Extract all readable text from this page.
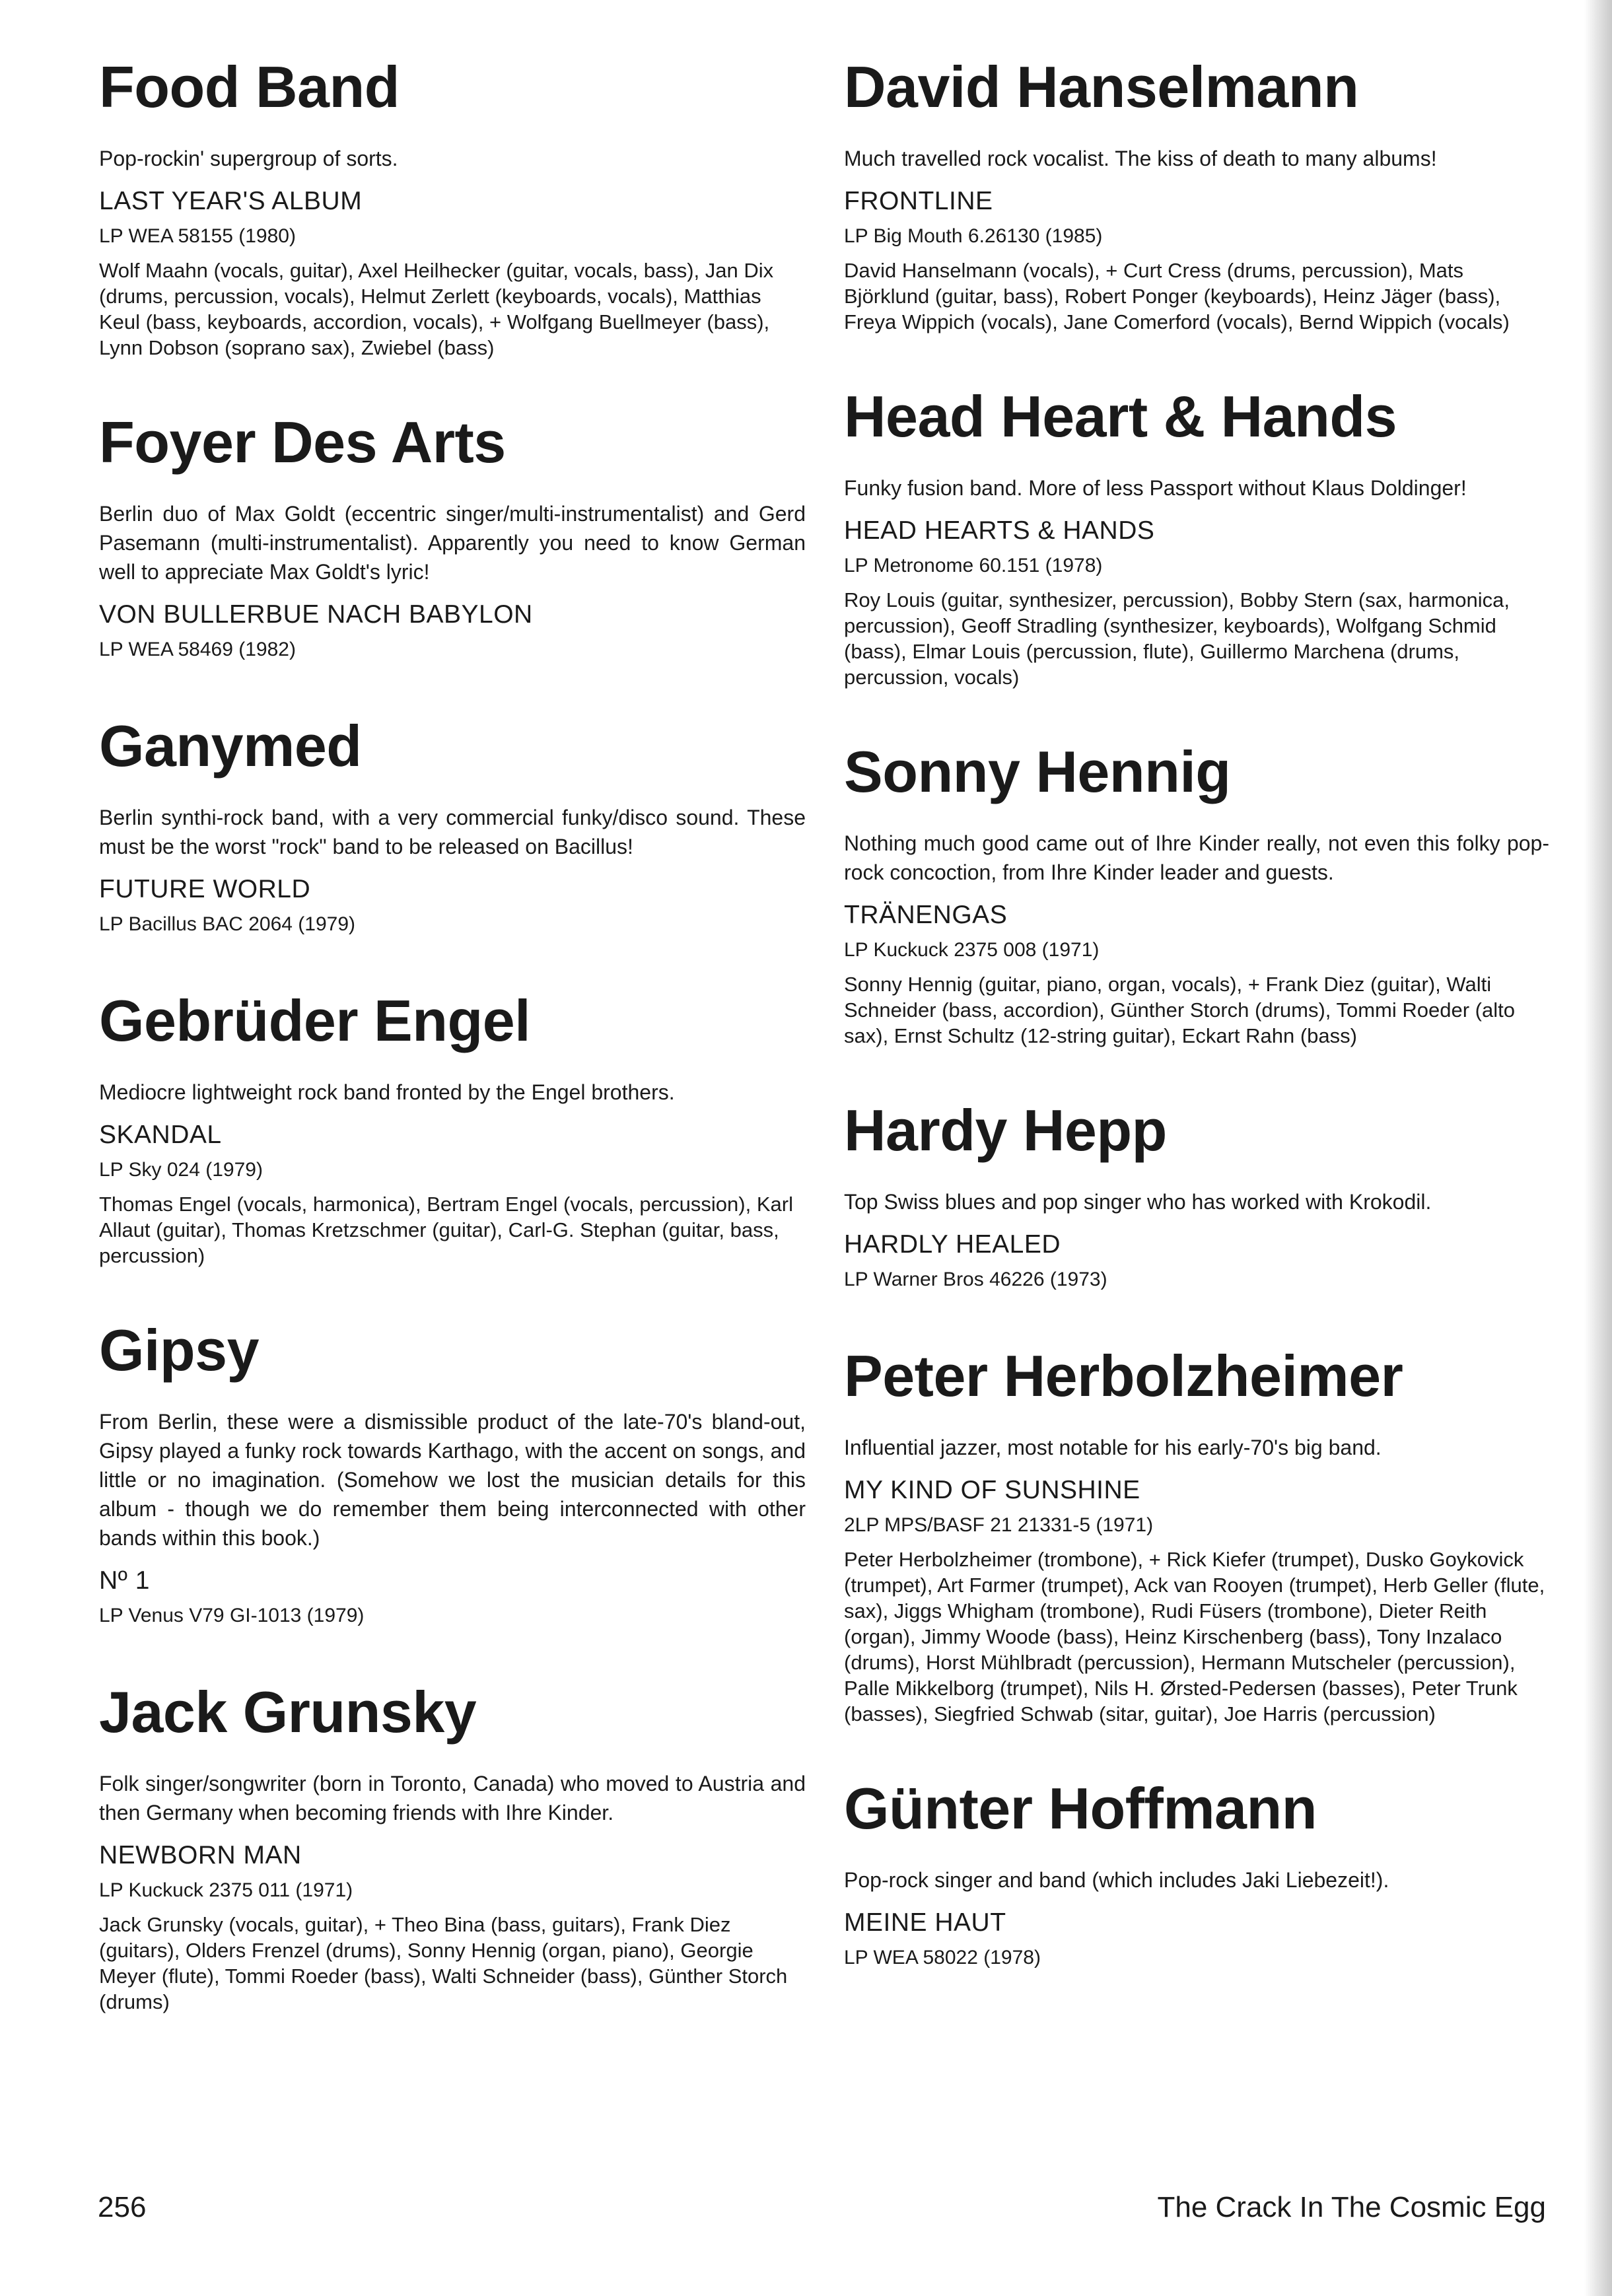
Food Band

Pop-rockin' supergroup of sorts.

LAST YEAR'S ALBUM
LP WEA 58155 (1980)

Wolf Maahn (vocals, guitar), Axel Heilhecker (guitar, vocals, bass), Jan Dix (drums, percussion, vocals), Helmut Zerlett (keyboards, vocals), Matthias Keul (bass, keyboards, accordion, vocals), + Wolfgang Buellmeyer (bass), Lynn Dobson (soprano sax), Zwiebel (bass)

Foyer Des Arts

Berlin duo of Max Goldt (eccentric singer/multi-instrumentalist) and Gerd Pasemann (multi-instrumentalist). Apparently you need to know German well to appreciate Max Goldt's lyric!

VON BULLERBUE NACH BABYLON
LP WEA 58469 (1982)
Ganymed

Berlin synthi-rock band, with a very commercial funky/disco sound. These must be the worst "rock" band to be released on Bacillus!

FUTURE WORLD
LP Bacillus BAC 2064 (1979)
Gebrüder Engel

Mediocre lightweight rock band fronted by the Engel brothers.

SKANDAL
LP Sky 024 (1979)

Thomas Engel (vocals, harmonica), Bertram Engel (vocals, percussion), Karl Allaut (guitar), Thomas Kretzschmer (guitar), Carl-G. Stephan (guitar, bass, percussion)

Gipsy

From Berlin, these were a dismissible product of the late-70's bland-out, Gipsy played a funky rock towards Karthago, with the accent on songs, and little or no imagination. (Somehow we lost the musician details for this album - though we do remember them being interconnected with other bands within this book.)

Nº 1
LP Venus V79 GI-1013 (1979)
Jack Grunsky

Folk singer/songwriter (born in Toronto, Canada) who moved to Austria and then Germany when becoming friends with Ihre Kinder.

NEWBORN MAN
LP Kuckuck 2375 011 (1971)

Jack Grunsky (vocals, guitar), + Theo Bina (bass, guitars), Frank Diez (guitars), Olders Frenzel (drums), Sonny Hennig (organ, piano), Georgie Meyer (flute), Tommi Roeder (bass), Walti Schneider (bass), Günther Storch (drums)

David Hanselmann

Much travelled rock vocalist. The kiss of death to many albums!

FRONTLINE
LP Big Mouth 6.26130 (1985)

David Hanselmann (vocals), + Curt Cress (drums, percussion), Mats Björklund (guitar, bass), Robert Ponger (keyboards), Heinz Jäger (bass), Freya Wippich (vocals), Jane Comerford (vocals), Bernd Wippich (vocals)

Head Heart & Hands

Funky fusion band. More of less Passport without Klaus Doldinger!

HEAD HEARTS & HANDS
LP Metronome 60.151 (1978)

Roy Louis (guitar, synthesizer, percussion), Bobby Stern (sax, harmonica, percussion), Geoff Stradling (synthesizer, keyboards), Wolfgang Schmid (bass), Elmar Louis (percussion, flute), Guillermo Marchena (drums, percussion, vocals)

Sonny Hennig

Nothing much good came out of Ihre Kinder really, not even this folky pop-rock concoction, from Ihre Kinder leader and guests.

TRÄNENGAS
LP Kuckuck 2375 008 (1971)

Sonny Hennig (guitar, piano, organ, vocals), + Frank Diez (guitar), Walti Schneider (bass, accordion), Günther Storch (drums), Tommi Roeder (alto sax), Ernst Schultz (12-string guitar), Eckart Rahn (bass)

Hardy Hepp

Top Swiss blues and pop singer who has worked with Krokodil.

HARDLY HEALED
LP Warner Bros 46226 (1973)
Peter Herbolzheimer

Influential jazzer, most notable for his early-70's big band.

MY KIND OF SUNSHINE
2LP MPS/BASF 21 21331-5 (1971)

Peter Herbolzheimer (trombone), + Rick Kiefer (trumpet), Dusko Goykovick (trumpet), Art Fɑrmer (trumpet), Ack van Rooyen (trumpet), Herb Geller (flute, sax), Jiggs Whigham (trombone), Rudi Füsers (trombone), Dieter Reith (organ), Jimmy Woode (bass), Heinz Kirschenberg (bass), Tony Inzalaco (drums), Horst Mühlbradt (percussion), Hermann Mutscheler (percussion), Palle Mikkelborg (trumpet), Nils H. Ørsted-Pedersen (basses), Peter Trunk (basses), Siegfried Schwab (sitar, guitar), Joe Harris (percussion)

Günter Hoffmann

Pop-rock singer and band (which includes Jaki Liebezeit!).

MEINE HAUT
LP WEA 58022 (1978)
256	The Crack In The Cosmic Egg
